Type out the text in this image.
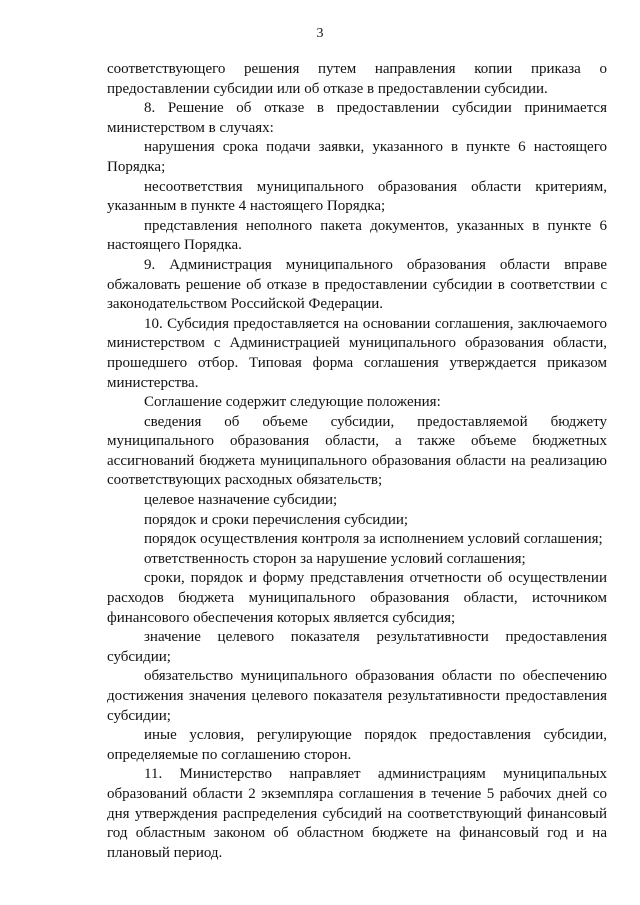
3

соответствующего решения путем направления копии приказа о предоставлении субсидии или об отказе в предоставлении субсидии.

8. Решение об отказе в предоставлении субсидии принимается министерством в случаях:

нарушения срока подачи заявки, указанного в пункте 6 настоящего Порядка;

несоответствия муниципального образования области критериям, указанным в пункте 4 настоящего Порядка;

представления неполного пакета документов, указанных в пункте 6 настоящего Порядка.

9. Администрация муниципального образования области вправе обжаловать решение об отказе в предоставлении субсидии в соответствии с законодательством Российской Федерации.

10. Субсидия предоставляется на основании соглашения, заключаемого министерством с Администрацией муниципального образования области, прошедшего отбор. Типовая форма соглашения утверждается приказом министерства.

Соглашение содержит следующие положения:

сведения об объеме субсидии, предоставляемой бюджету муниципального образования области, а также объеме бюджетных ассигнований бюджета муниципального образования области на реализацию соответствующих расходных обязательств;

целевое назначение субсидии;

порядок и сроки перечисления субсидии;

порядок осуществления контроля за исполнением условий соглашения;

ответственность сторон за нарушение условий соглашения;

сроки, порядок и форму представления отчетности об осуществлении расходов бюджета муниципального образования области, источником финансового обеспечения которых является субсидия;

значение целевого показателя результативности предоставления субсидии;

обязательство муниципального образования области по обеспечению достижения значения целевого показателя результативности предоставления субсидии;

иные условия, регулирующие порядок предоставления субсидии, определяемые по соглашению сторон.

11. Министерство направляет администрациям муниципальных образований области 2 экземпляра соглашения в течение 5 рабочих дней со дня утверждения распределения субсидий на соответствующий финансовый год областным законом об областном бюджете на финансовый год и на плановый период.
